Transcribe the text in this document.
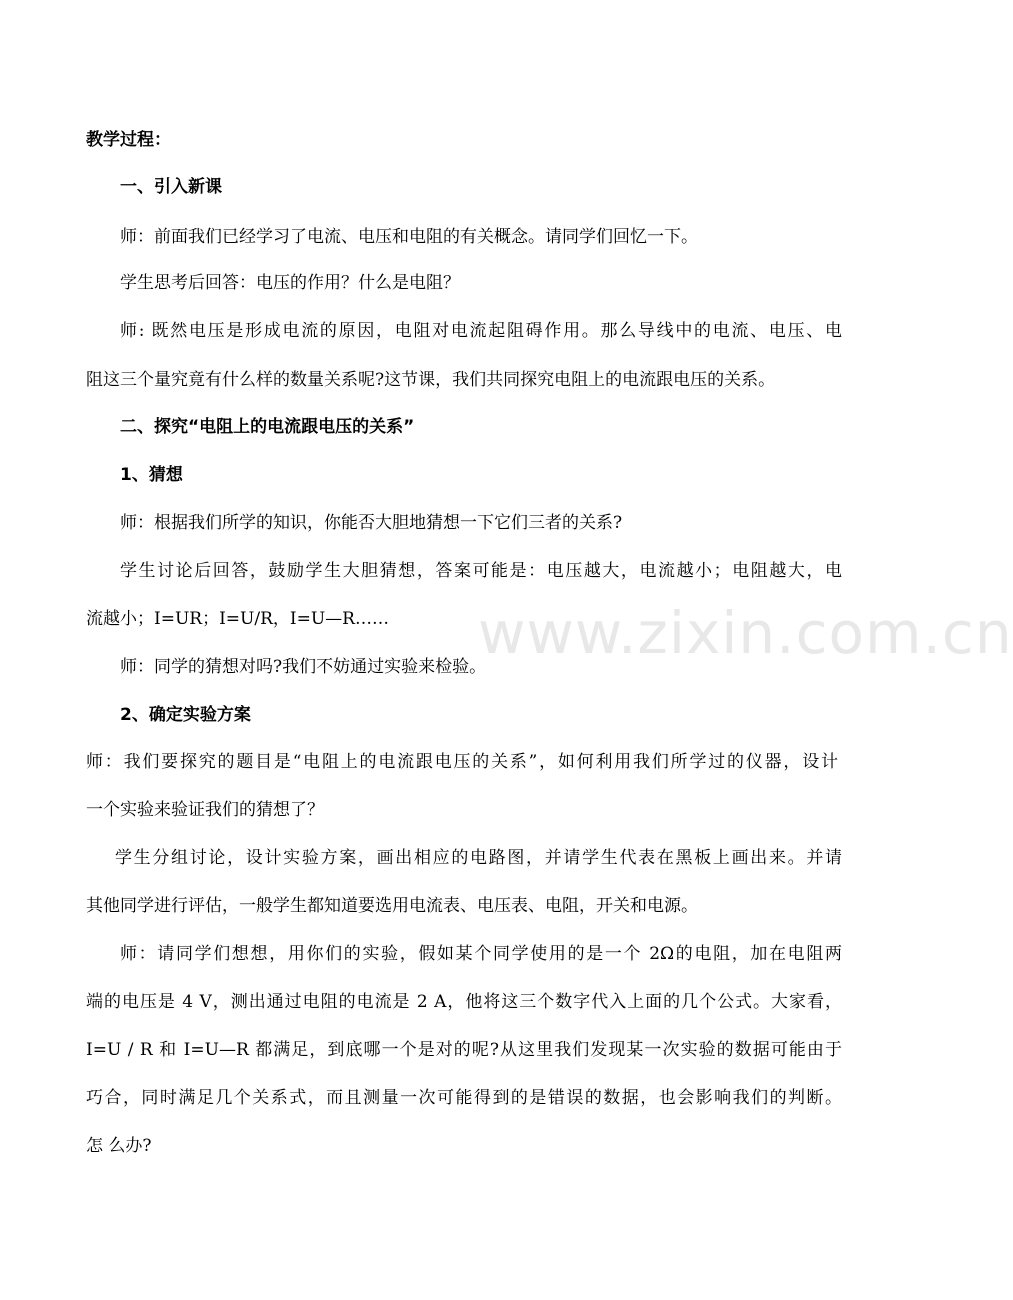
教学过程：
一、引入新课
师：前面我们已经学习了电流、电压和电阻的有关概念。请同学们回忆一下。
学生思考后回答：电压的作用？什么是电阻？
师: 既然电压是形成电流的原因，电阻对电流起阻碍作用。那么导线中的电流、电压、电
阻这三个量究竟有什么样的数量关系呢?这节课，我们共同探究电阻上的电流跟电压的关系。
二、探究“电阻上的电流跟电压的关系”
1、猜想
师：根据我们所学的知识，你能否大胆地猜想一下它们三者的关系?
学生讨论后回答，鼓励学生大胆猜想，答案可能是：电压越大，电流越小；电阻越大，电
流越小；I=UR；I=U/R，I=U—R……
师：同学的猜想对吗?我们不妨通过实验来检验。
2、确定实验方案
师：我们要探究的题目是“电阻上的电流跟电压的关系”，如何利用我们所学过的仪器，设计
一个实验来验证我们的猜想了？
学生分组讨论，设计实验方案，画出相应的电路图，并请学生代表在黑板上画出来。并请
其他同学进行评估，一般学生都知道要选用电流表、电压表、电阻，开关和电源。
师：请同学们想想，用你们的实验，假如某个同学使用的是一个 2Ω的电阻，加在电阻两
端的电压是 4 V，测出通过电阻的电流是 2 A，他将这三个数字代入上面的几个公式。大家看，
I=U / R 和 I=U—R 都满足，到底哪一个是对的呢?从这里我们发现某一次实验的数据可能由于
巧合，同时满足几个关系式，而且测量一次可能得到的是错误的数据，也会影响我们的判断。
怎 么办?
www.zixin.com.cn
